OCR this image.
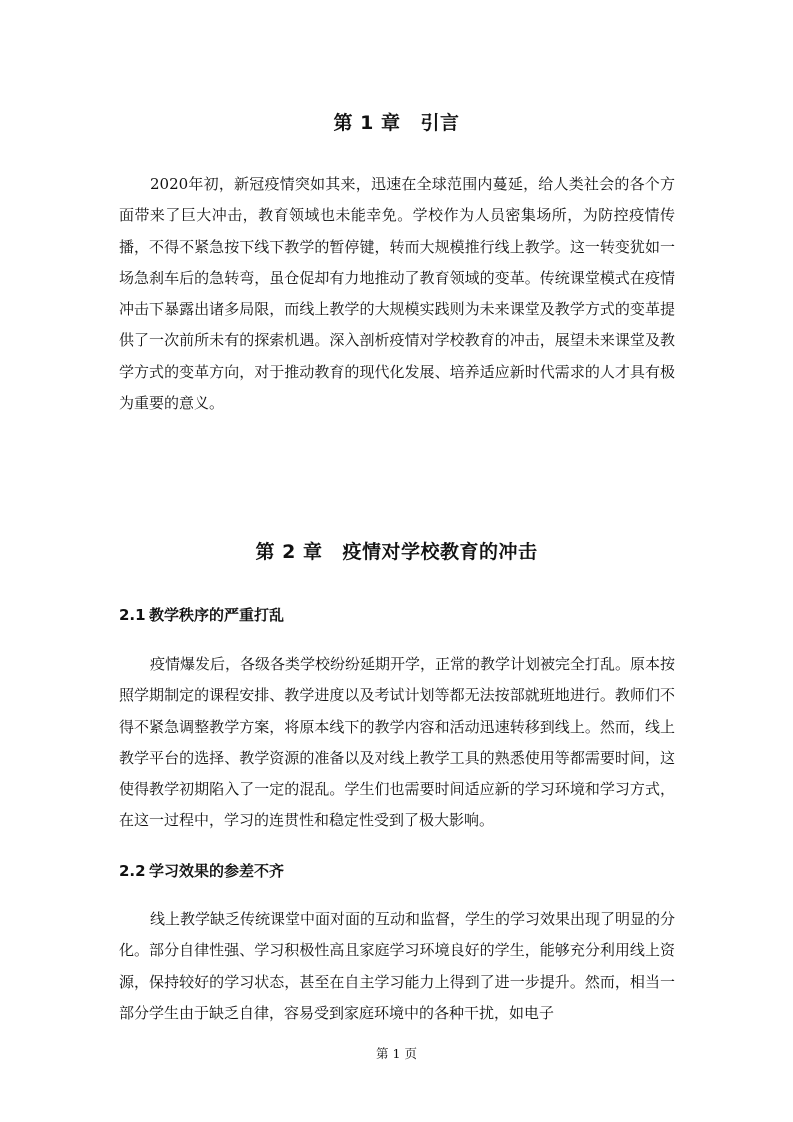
第 1 章 引言

2020年初，新冠疫情突如其来，迅速在全球范围内蔓延，给人类社会的各个方面带来了巨大冲击，教育领域也未能幸免。学校作为人员密集场所，为防控疫情传播，不得不紧急按下线下教学的暂停键，转而大规模推行线上教学。这一转变犹如一场急刹车后的急转弯，虽仓促却有力地推动了教育领域的变革。传统课堂模式在疫情冲击下暴露出诸多局限，而线上教学的大规模实践则为未来课堂及教学方式的变革提供了一次前所未有的探索机遇。深入剖析疫情对学校教育的冲击，展望未来课堂及教学方式的变革方向，对于推动教育的现代化发展、培养适应新时代需求的人才具有极为重要的意义。

第 2 章 疫情对学校教育的冲击
2.1 教学秩序的严重打乱

疫情爆发后，各级各类学校纷纷延期开学，正常的教学计划被完全打乱。原本按照学期制定的课程安排、教学进度以及考试计划等都无法按部就班地进行。教师们不得不紧急调整教学方案，将原本线下的教学内容和活动迅速转移到线上。然而，线上教学平台的选择、教学资源的准备以及对线上教学工具的熟悉使用等都需要时间，这使得教学初期陷入了一定的混乱。学生们也需要时间适应新的学习环境和学习方式，在这一过程中，学习的连贯性和稳定性受到了极大影响。

2.2 学习效果的参差不齐

线上教学缺乏传统课堂中面对面的互动和监督，学生的学习效果出现了明显的分化。部分自律性强、学习积极性高且家庭学习环境良好的学生，能够充分利用线上资源，保持较好的学习状态，甚至在自主学习能力上得到了进一步提升。然而，相当一部分学生由于缺乏自律，容易受到家庭环境中的各种干扰，如电子

第 1 页
